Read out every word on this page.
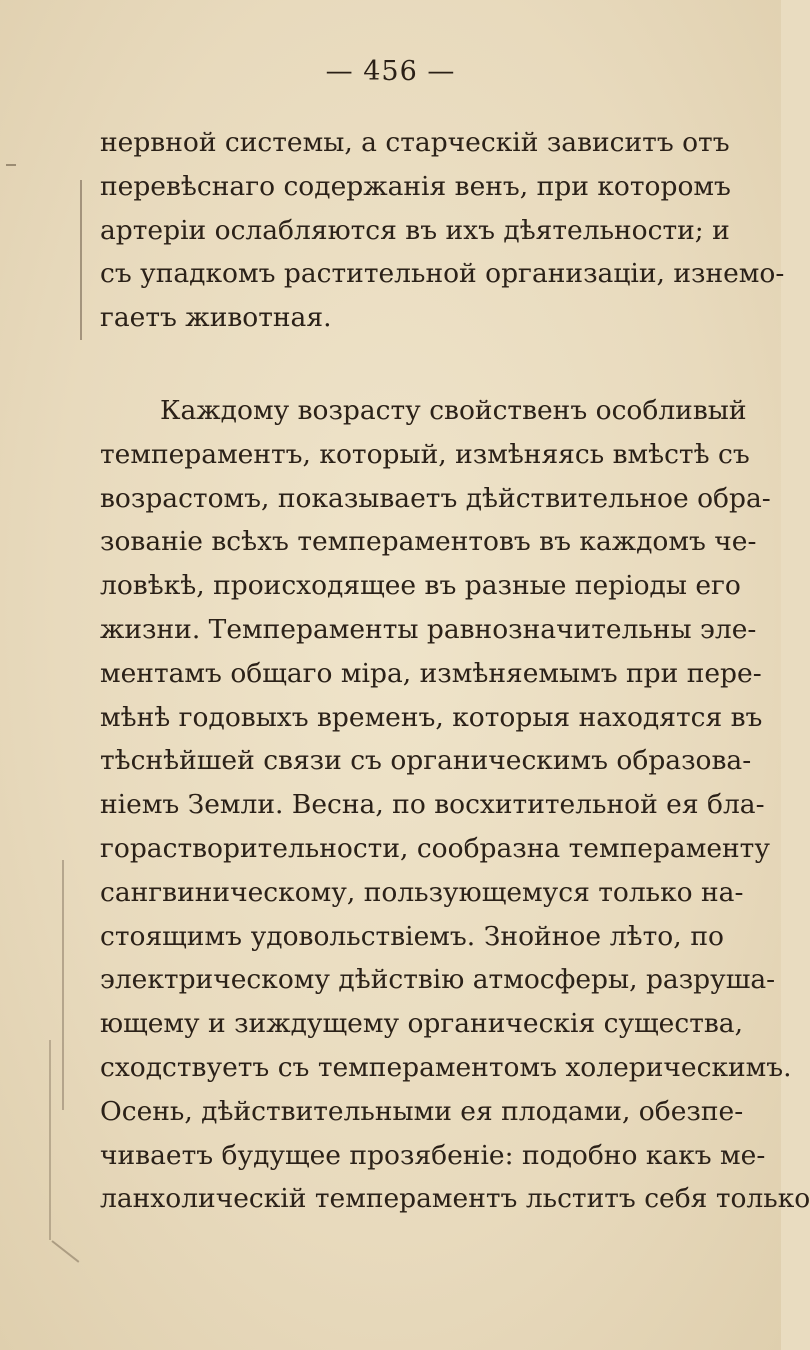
— 456 —
нервной системы, а старческій зависитъ отъ
перевѣснаго содержанія венъ, при которомъ
артеріи ослабляются въ ихъ дѣятельности; и
съ упадкомъ растительной организаціи, изнемо-
гаетъ животная.
Каждому возрасту свойственъ особливый
темпераментъ, который, измѣняясь вмѣстѣ съ
возрастомъ, показываетъ дѣйствительное обра-
зованіе всѣхъ темпераментовъ въ каждомъ че-
ловѣкѣ, происходящее въ разные періоды его
жизни. Темпераменты равнозначительны эле-
ментамъ общаго міра, измѣняемымъ при пере-
мѣнѣ годовыхъ временъ, которыя находятся въ
тѣснѣйшей связи съ органическимъ образова-
ніемъ Земли. Весна, по восхитительной ея бла-
горастворительности, сообразна темпераменту
сангвиническому, пользующемуся только на-
стоящимъ удовольствіемъ. Знойное лѣто, по
электрическому дѣйствію атмосферы, разруша-
ющему и зиждущему органическія существа,
сходствуетъ съ темпераментомъ холерическимъ.
Осень, дѣйствительными ея плодами, обезпе-
чиваетъ будущее прозябеніе: подобно какъ ме-
ланхолическій темпераментъ льститъ себя только
